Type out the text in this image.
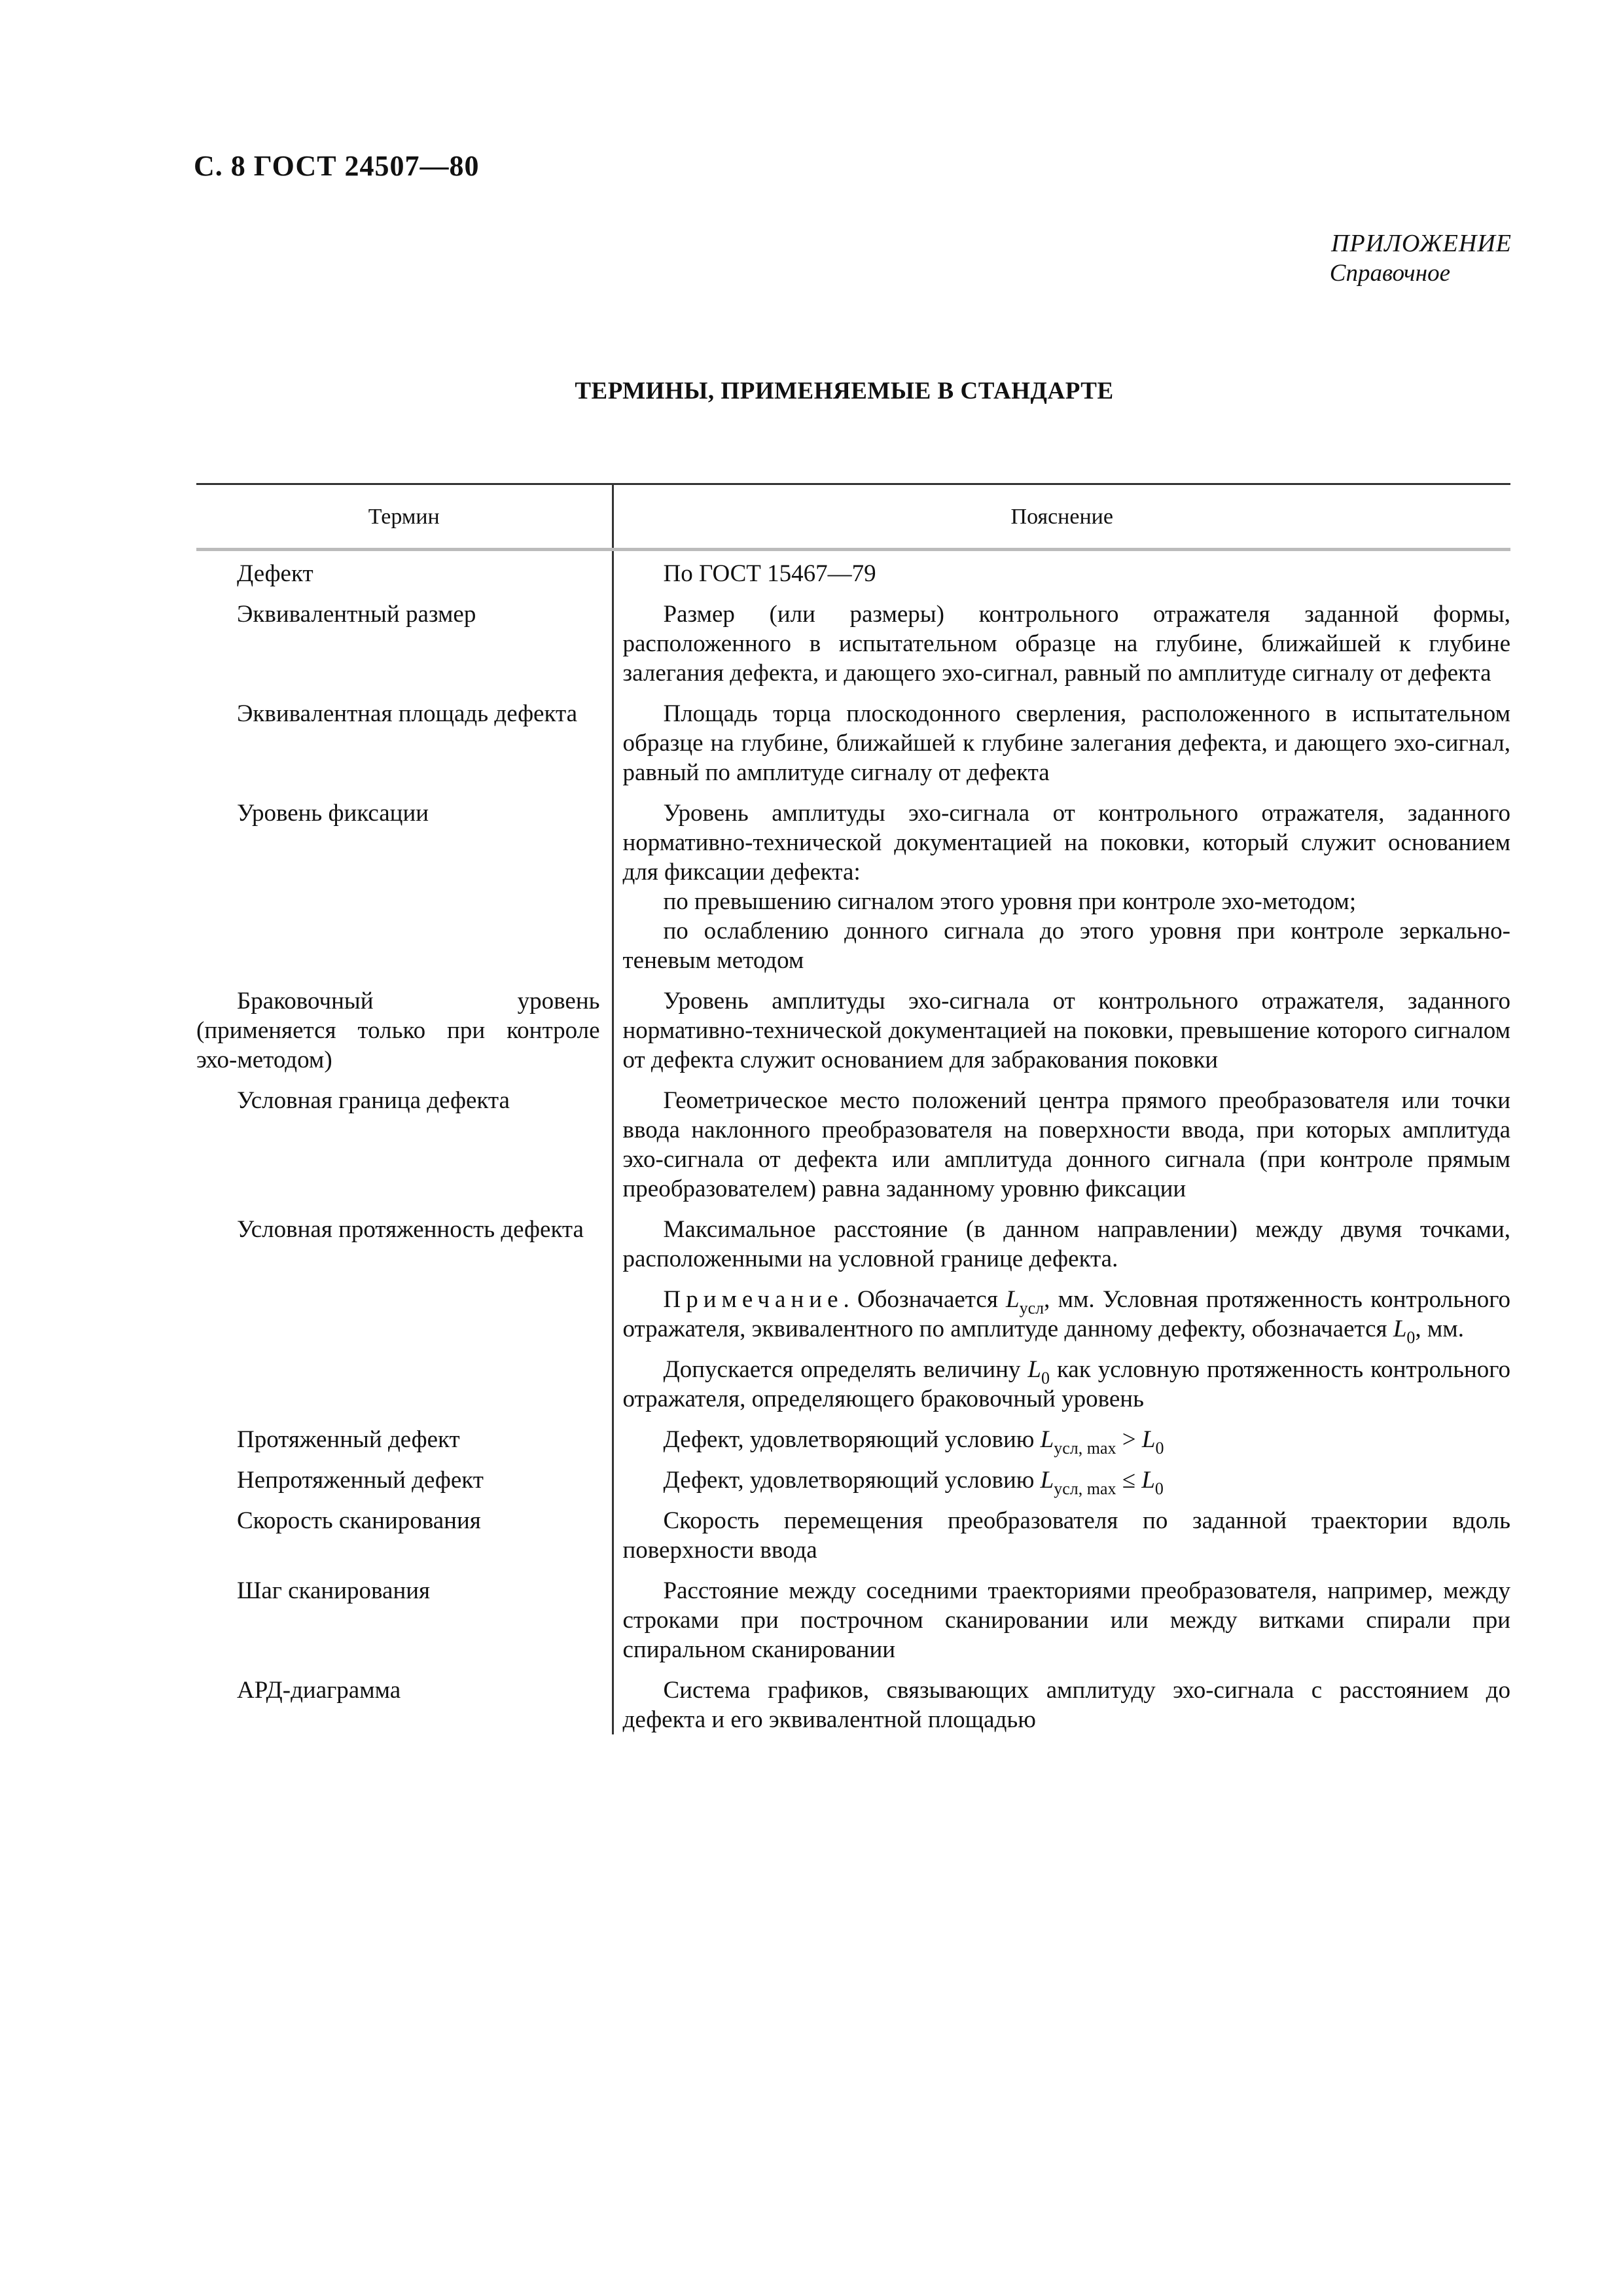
С. 8 ГОСТ 24507—80
ПРИЛОЖЕНИЕ
Справочное
ТЕРМИНЫ, ПРИМЕНЯЕМЫЕ В СТАНДАРТЕ
Термин	Пояснение

Дефект	По ГОСТ 15467—79

Эквивалентный размер	Размер (или размеры) контрольного отражателя заданной формы, расположенного в испытательном образце на глубине, ближайшей к глубине залегания дефекта, и дающего эхо-сигнал, равный по амплитуде сигналу от дефекта

Эквивалентная площадь дефекта	Площадь торца плоскодонного сверления, расположенного в испытательном образце на глубине, ближайшей к глубине залегания дефекта, и дающего эхо-сигнал, равный по амплитуде сигналу от дефекта

Уровень фиксации	Уровень амплитуды эхо-сигнала от контрольного отражателя, заданного нормативно-технической документацией на поковки, который служит основанием для фиксации дефекта:

по превышению сигналом этого уровня при контроле эхо-методом;

по ослаблению донного сигнала до этого уровня при контроле зеркально-теневым методом

Браковочный уровень (применяется только при контроле эхо-методом)	Уровень амплитуды эхо-сигнала от контрольного отражателя, заданного нормативно-технической документацией на поковки, превышение которого сигналом от дефекта служит основанием для забракования поковки

Условная граница дефекта	Геометрическое место положений центра прямого преобразователя или точки ввода наклонного преобразователя на поверхности ввода, при которых амплитуда эхо-сигнала от дефекта или амплитуда донного сигнала (при контроле прямым преобразователем) равна заданному уровню фиксации

Условная протяженность дефекта	Максимальное расстояние (в данном направлении) между двумя точками, расположенными на условной границе дефекта.

Примечание. Обозначается $L_{усл}$, мм. Условная протяженность контрольного отражателя, эквивалентного по амплитуде данному дефекту, обозначается $L_0$, мм.

Допускается определять величину $L_0$ как условную протяженность контрольного отражателя, определяющего браковочный уровень

Протяженный дефект	Дефект, удовлетворяющий условию $L_{усл, max} > L_0$

Непротяженный дефект	Дефект, удовлетворяющий условию $L_{усл, max} \le L_0$

Скорость сканирования	Скорость перемещения преобразователя по заданной траектории вдоль поверхности ввода

Шаг сканирования	Расстояние между соседними траекториями преобразователя, например, между строками при построчном сканировании или между витками спирали при спиральном сканировании

АРД-диаграмма	Система графиков, связывающих амплитуду эхо-сигнала с расстоянием до дефекта и его эквивалентной площадью
